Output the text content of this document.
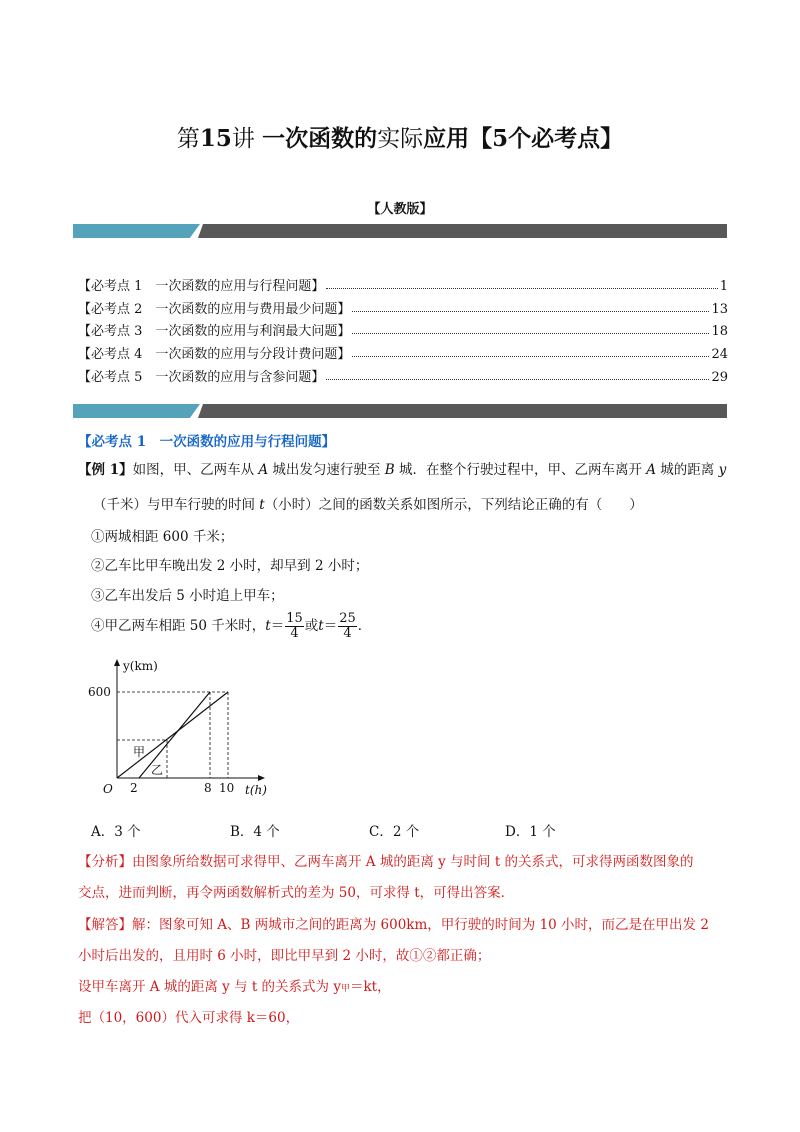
第15讲 一次函数的实际应用【5个必考点】
【人教版】
【必考点 1　一次函数的应用与行程问题】	1
【必考点 2　一次函数的应用与费用最少问题】	13
【必考点 3　一次函数的应用与利润最大问题】	18
【必考点 4　一次函数的应用与分段计费问题】	24
【必考点 5　一次函数的应用与含参问题】	29
【必考点 1　一次函数的应用与行程问题】
【例 1】如图，甲、乙两车从 A 城出发匀速行驶至 B 城．在整个行驶过程中，甲、乙两车离开 A 城的距离 y
（千米）与甲车行驶的时间 t（小时）之间的函数关系如图所示，下列结论正确的有（　　）
①两城相距 600 千米；
②乙车比甲车晚出发 2 小时，却早到 2 小时；
③乙车出发后 5 小时追上甲车；
④甲乙两车相距 50 千米时，$t= \frac{15}{4}$ 或$t= \frac{25}{4}$ ．
y(km)
t(h)
O
600
2	8 10
甲
乙
A．3 个	B．4 个	C．2 个	D．1 个
【分析】由图象所给数据可求得甲、乙两车离开 A 城的距离 y 与时间 t 的关系式，可求得两函数图象的
交点，进而判断，再令两函数解析式的差为 50，可求得 t，可得出答案．
【解答】解：图象可知 A、B 两城市之间的距离为 600km，甲行驶的时间为 10 小时，而乙是在甲出发 2
小时后出发的，且用时 6 小时，即比甲早到 2 小时，故①②都正确；
设甲车离开 A 城的距离 y 与 t 的关系式为 y甲＝kt，
把（10，600）代入可求得 k＝60，
